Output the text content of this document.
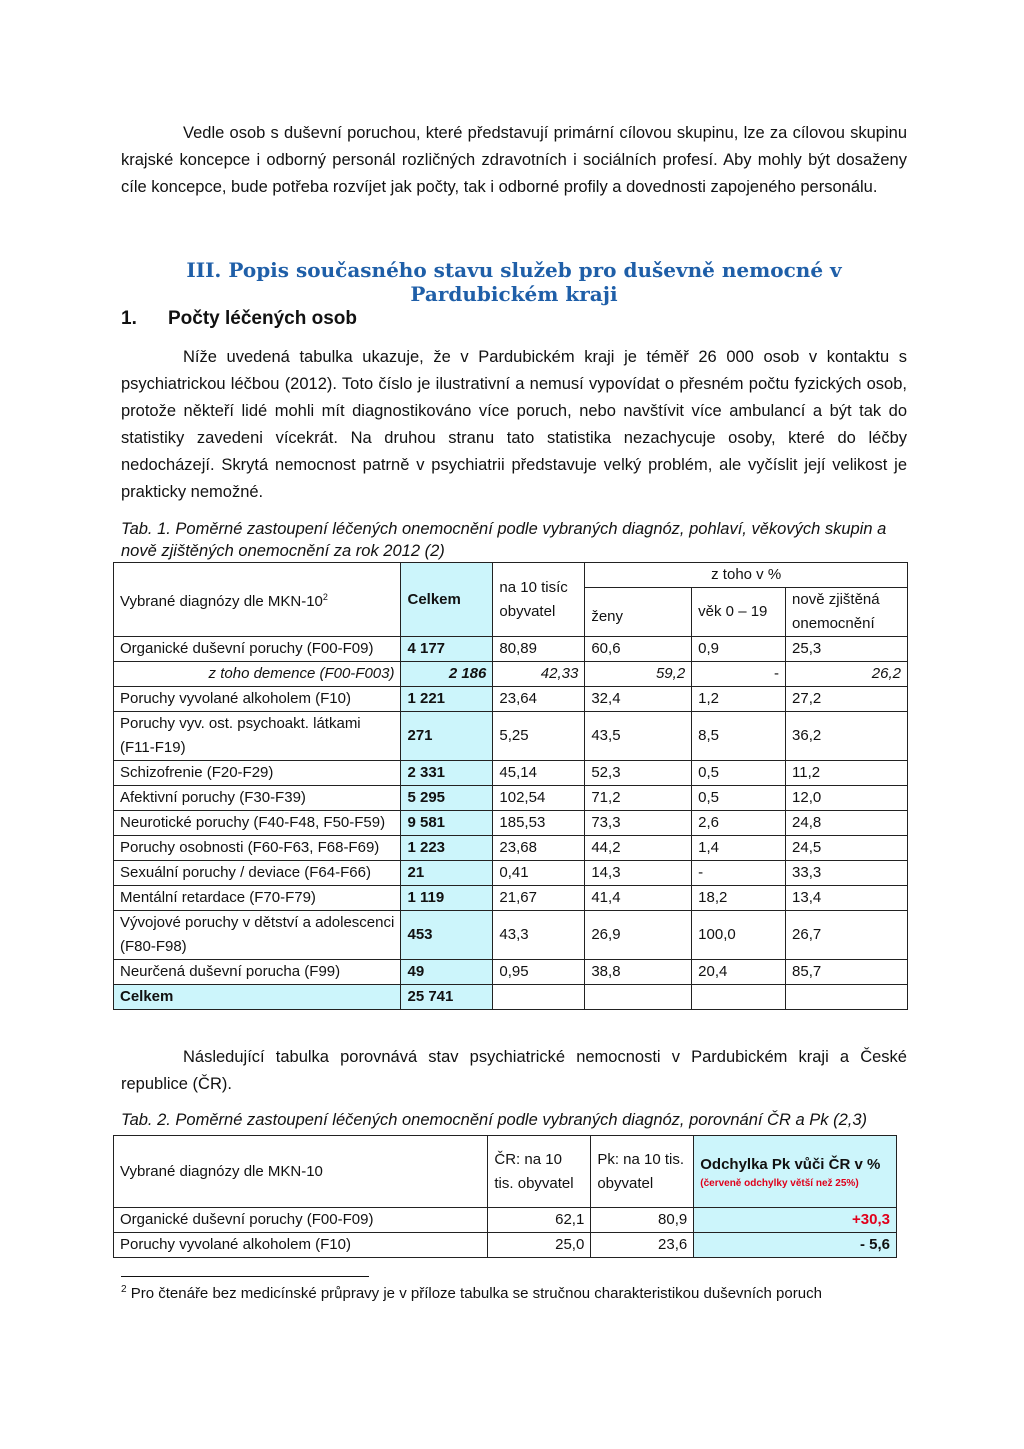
Vedle osob s duševní poruchou, které představují primární cílovou skupinu, lze za cílovou skupinu krajské koncepce i odborný personál rozličných zdravotních i sociálních profesí. Aby mohly být dosaženy cíle koncepce, bude potřeba rozvíjet jak počty, tak i odborné profily a dovednosti zapojeného personálu.

III. Popis současného stavu služeb pro duševně nemocné v Pardubickém kraji
1. Počty léčených osob

Níže uvedená tabulka ukazuje, že v Pardubickém kraji je téměř 26 000 osob v kontaktu s psychiatrickou léčbou (2012). Toto číslo je ilustrativní a nemusí vypovídat o přesném počtu fyzických osob, protože někteří lidé mohli mít diagnostikováno více poruch, nebo navštívit více ambulancí a být tak do statistiky zavedeni vícekrát. Na druhou stranu tato statistika nezachycuje osoby, které do léčby nedocházejí. Skrytá nemocnost patrně v psychiatrii představuje velký problém, ale vyčíslit její velikost je prakticky nemožné.

Tab. 1. Poměrné zastoupení léčených onemocnění podle vybraných diagnóz, pohlaví, věkových skupin a nově zjištěných onemocnění za rok 2012 (2)
Vybrané diagnózy dle MKN-$10^2$	Celkem	na 10 tisíc obyvatel	z toho v %		
			ženy	věk 0 – 19	nově zjištěná onemocnění
Organické duševní poruchy (F00-F09)	4 177	80,89	60,6	0,9	25,3
z toho demence (F00-F003)	2 186	42,33	59,2	-	26,2
Poruchy vyvolané alkoholem (F10)	1 221	23,64	32,4	1,2	27,2
Poruchy vyv. ost. psychoakt. látkami (F11-F19)	271	5,25	43,5	8,5	36,2
Schizofrenie (F20-F29)	2 331	45,14	52,3	0,5	11,2
Afektivní poruchy (F30-F39)	5 295	102,54	71,2	0,5	12,0
Neurotické poruchy (F40-F48, F50-F59)	9 581	185,53	73,3	2,6	24,8
Poruchy osobnosti (F60-F63, F68-F69)	1 223	23,68	44,2	1,4	24,5
Sexuální poruchy / deviace (F64-F66)	21	0,41	14,3	-	33,3
Mentální retardace (F70-F79)	1 119	21,67	41,4	18,2	13,4
Vývojové poruchy v dětství a adolescenci (F80-F98)	453	43,3	26,9	100,0	26,7
Neurčená duševní porucha (F99)	49	0,95	38,8	20,4	85,7
Celkem	25 741				

Následující tabulka porovnává stav psychiatrické nemocnosti v Pardubickém kraji a České republice (ČR).

Tab. 2. Poměrné zastoupení léčených onemocnění podle vybraných diagnóz, porovnání ČR a Pk (2,3)
Vybrané diagnózy dle MKN-10	ČR: na 10 tis. obyvatel	Pk: na 10 tis. obyvatel	Odchylka Pk vůči ČR v %
(červeně odchylky větší než 25%)

Organické duševní poruchy (F00-F09)	62,1	80,9	+30,3
Poruchy vyvolané alkoholem (F10)	25,0	23,6	- 5,6
$^2$ Pro čtenáře bez medicínské průpravy je v příloze tabulka se stručnou charakteristikou duševních poruch
